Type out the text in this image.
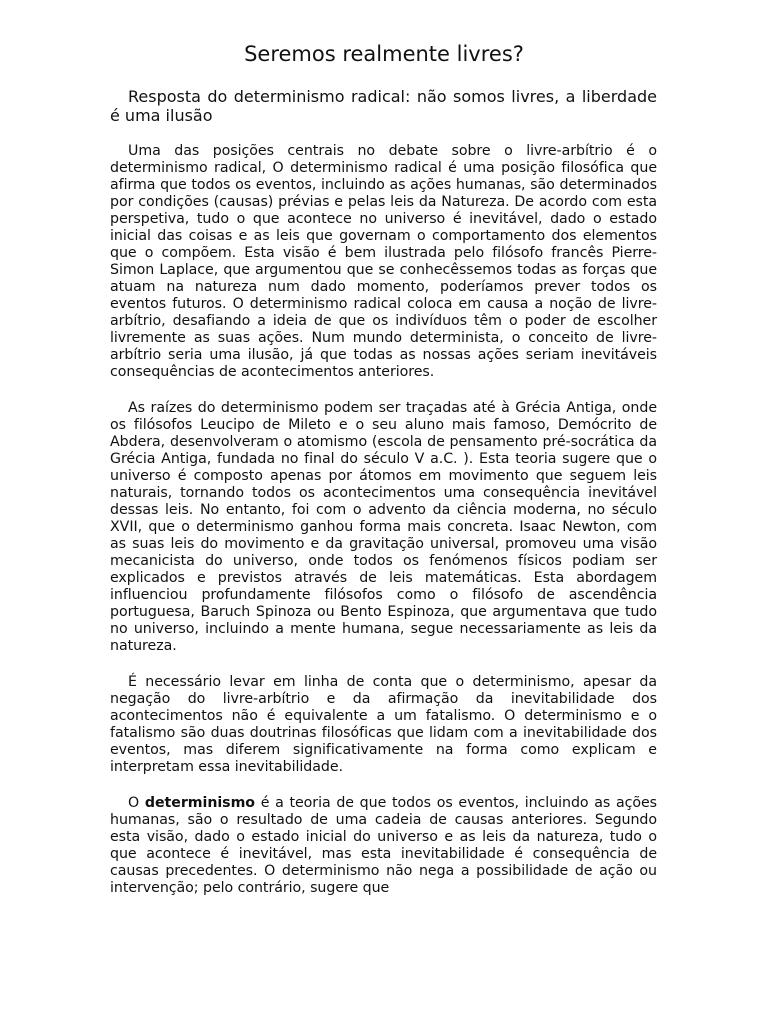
Seremos realmente livres?
Resposta do determinismo radical: não somos livres, a liberdade é uma ilusão

Uma das posições centrais no debate sobre o livre-arbítrio é o determinismo radical, O determinismo radical é uma posição filosófica que afirma que todos os eventos, incluindo as ações humanas, são determinados por condições (causas) prévias e pelas leis da Natureza. De acordo com esta perspetiva, tudo o que acontece no universo é inevitável, dado o estado inicial das coisas e as leis que governam o comportamento dos elementos que o compõem. Esta visão é bem ilustrada pelo filósofo francês Pierre-Simon Laplace, que argumentou que se conhecêssemos todas as forças que atuam na natureza num dado momento, poderíamos prever todos os eventos futuros. O determinismo radical coloca em causa a noção de livre-arbítrio, desafiando a ideia de que os indivíduos têm o poder de escolher livremente as suas ações. Num mundo determinista, o conceito de livre-arbítrio seria uma ilusão, já que todas as nossas ações seriam inevitáveis consequências de acontecimentos anteriores.

As raízes do determinismo podem ser traçadas até à Grécia Antiga, onde os filósofos Leucipo de Mileto e o seu aluno mais famoso, Demócrito de Abdera, desenvolveram o atomismo (escola de pensamento pré-socrática da Grécia Antiga, fundada no final do século V a.C. ). Esta teoria sugere que o universo é composto apenas por átomos em movimento que seguem leis naturais, tornando todos os acontecimentos uma consequência inevitável dessas leis. No entanto, foi com o advento da ciência moderna, no século XVII, que o determinismo ganhou forma mais concreta. Isaac Newton, com as suas leis do movimento e da gravitação universal, promoveu uma visão mecanicista do universo, onde todos os fenómenos físicos podiam ser explicados e previstos através de leis matemáticas. Esta abordagem influenciou profundamente filósofos como o filósofo de ascendência portuguesa, Baruch Spinoza ou Bento Espinoza, que argumentava que tudo no universo, incluindo a mente humana, segue necessariamente as leis da natureza.

É necessário levar em linha de conta que o determinismo, apesar da negação do livre-arbítrio e da afirmação da inevitabilidade dos acontecimentos não é equivalente a um fatalismo. O determinismo e o fatalismo são duas doutrinas filosóficas que lidam com a inevitabilidade dos eventos, mas diferem significativamente na forma como explicam e interpretam essa inevitabilidade.

O determinismo é a teoria de que todos os eventos, incluindo as ações humanas, são o resultado de uma cadeia de causas anteriores. Segundo esta visão, dado o estado inicial do universo e as leis da natureza, tudo o que acontece é inevitável, mas esta inevitabilidade é consequência de causas precedentes. O determinismo não nega a possibilidade de ação ou intervenção; pelo contrário, sugere que
